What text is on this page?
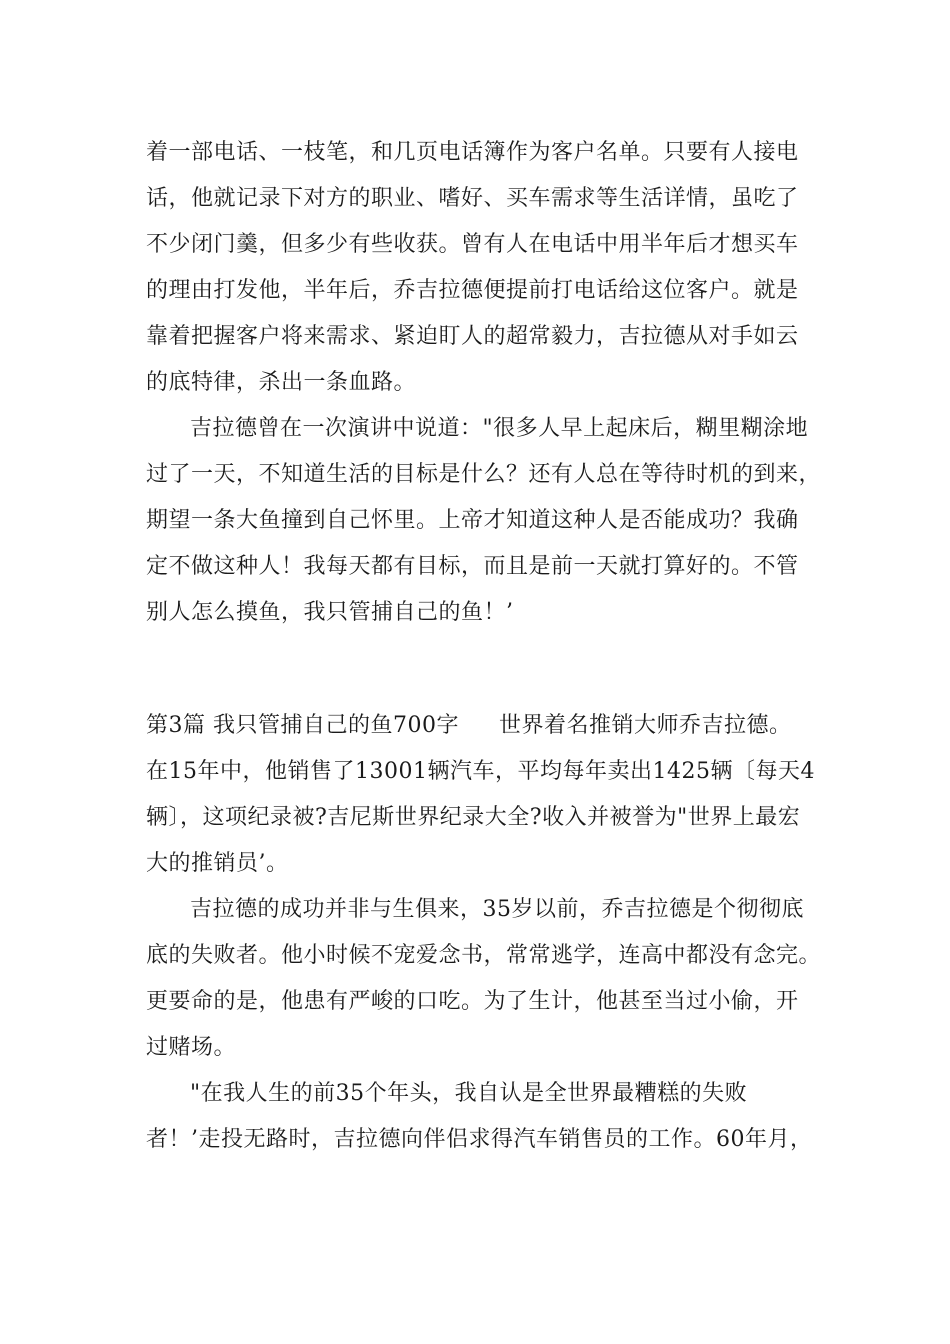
着一部电话、一枝笔，和几页电话簿作为客户名单。只要有人接电
话，他就记录下对方的职业、嗜好、买车需求等生活详情，虽吃了
不少闭门羹，但多少有些收获。曾有人在电话中用半年后才想买车
的理由打发他，半年后，乔吉拉德便提前打电话给这位客户。就是
靠着把握客户将来需求、紧迫盯人的超常毅力，吉拉德从对手如云
的底特律，杀出一条血路。
吉拉德曾在一次演讲中说道："很多人早上起床后，糊里糊涂地
过了一天，不知道生活的目标是什么？还有人总在等待时机的到来，
期望一条大鱼撞到自己怀里。上帝才知道这种人是否能成功？我确
定不做这种人！我每天都有目标，而且是前一天就打算好的。不管
别人怎么摸鱼，我只管捕自己的鱼！’
第3篇 我只管捕自己的鱼700字 世界着名推销大师乔吉拉德。
在15年中，他销售了13001辆汽车，平均每年卖出1425辆〔每天4
辆〕，这项纪录被?吉尼斯世界纪录大全?收入并被誉为"世界上最宏
大的推销员’。
吉拉德的成功并非与生俱来，35岁以前，乔吉拉德是个彻彻底
底的失败者。他小时候不宠爱念书，常常逃学，连高中都没有念完。
更要命的是，他患有严峻的口吃。为了生计，他甚至当过小偷，开
过赌场。
"在我人生的前35个年头，我自认是全世界最糟糕的失败
者！’走投无路时，吉拉德向伴侣求得汽车销售员的工作。60年月，
